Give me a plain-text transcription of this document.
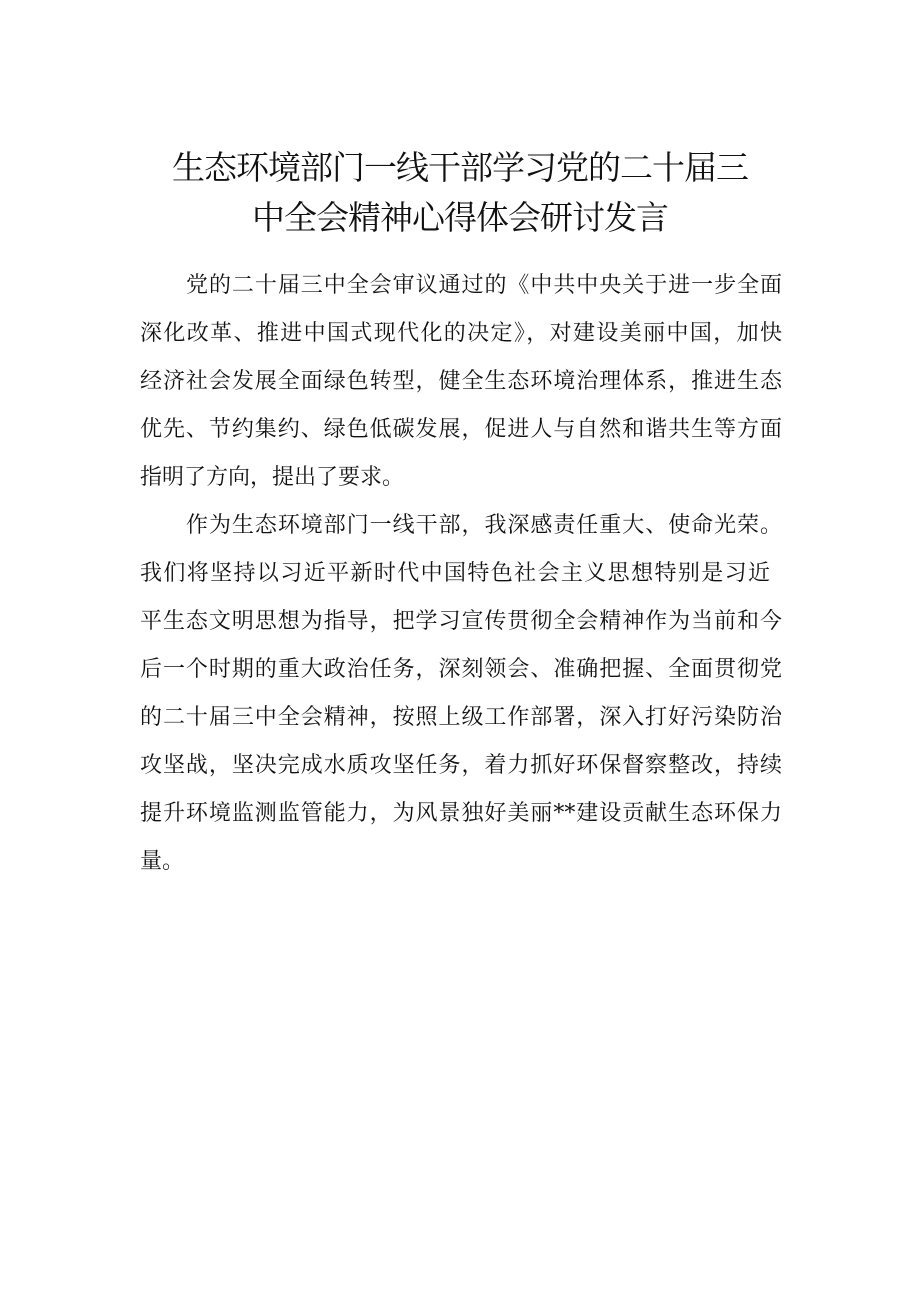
生态环境部门一线干部学习党的二十届三
中全会精神心得体会研讨发言
党的二十届三中全会审议通过的《中共中央关于进一步全面
深化改革、推进中国式现代化的决定》，对建设美丽中国，加快
经济社会发展全面绿色转型，健全生态环境治理体系，推进生态
优先、节约集约、绿色低碳发展，促进人与自然和谐共生等方面
指明了方向，提出了要求。
作为生态环境部门一线干部，我深感责任重大、使命光荣。
我们将坚持以习近平新时代中国特色社会主义思想特别是习近
平生态文明思想为指导，把学习宣传贯彻全会精神作为当前和今
后一个时期的重大政治任务，深刻领会、准确把握、全面贯彻党
的二十届三中全会精神，按照上级工作部署，深入打好污染防治
攻坚战，坚决完成水质攻坚任务，着力抓好环保督察整改，持续
提升环境监测监管能力，为风景独好美丽**建设贡献生态环保力
量。
